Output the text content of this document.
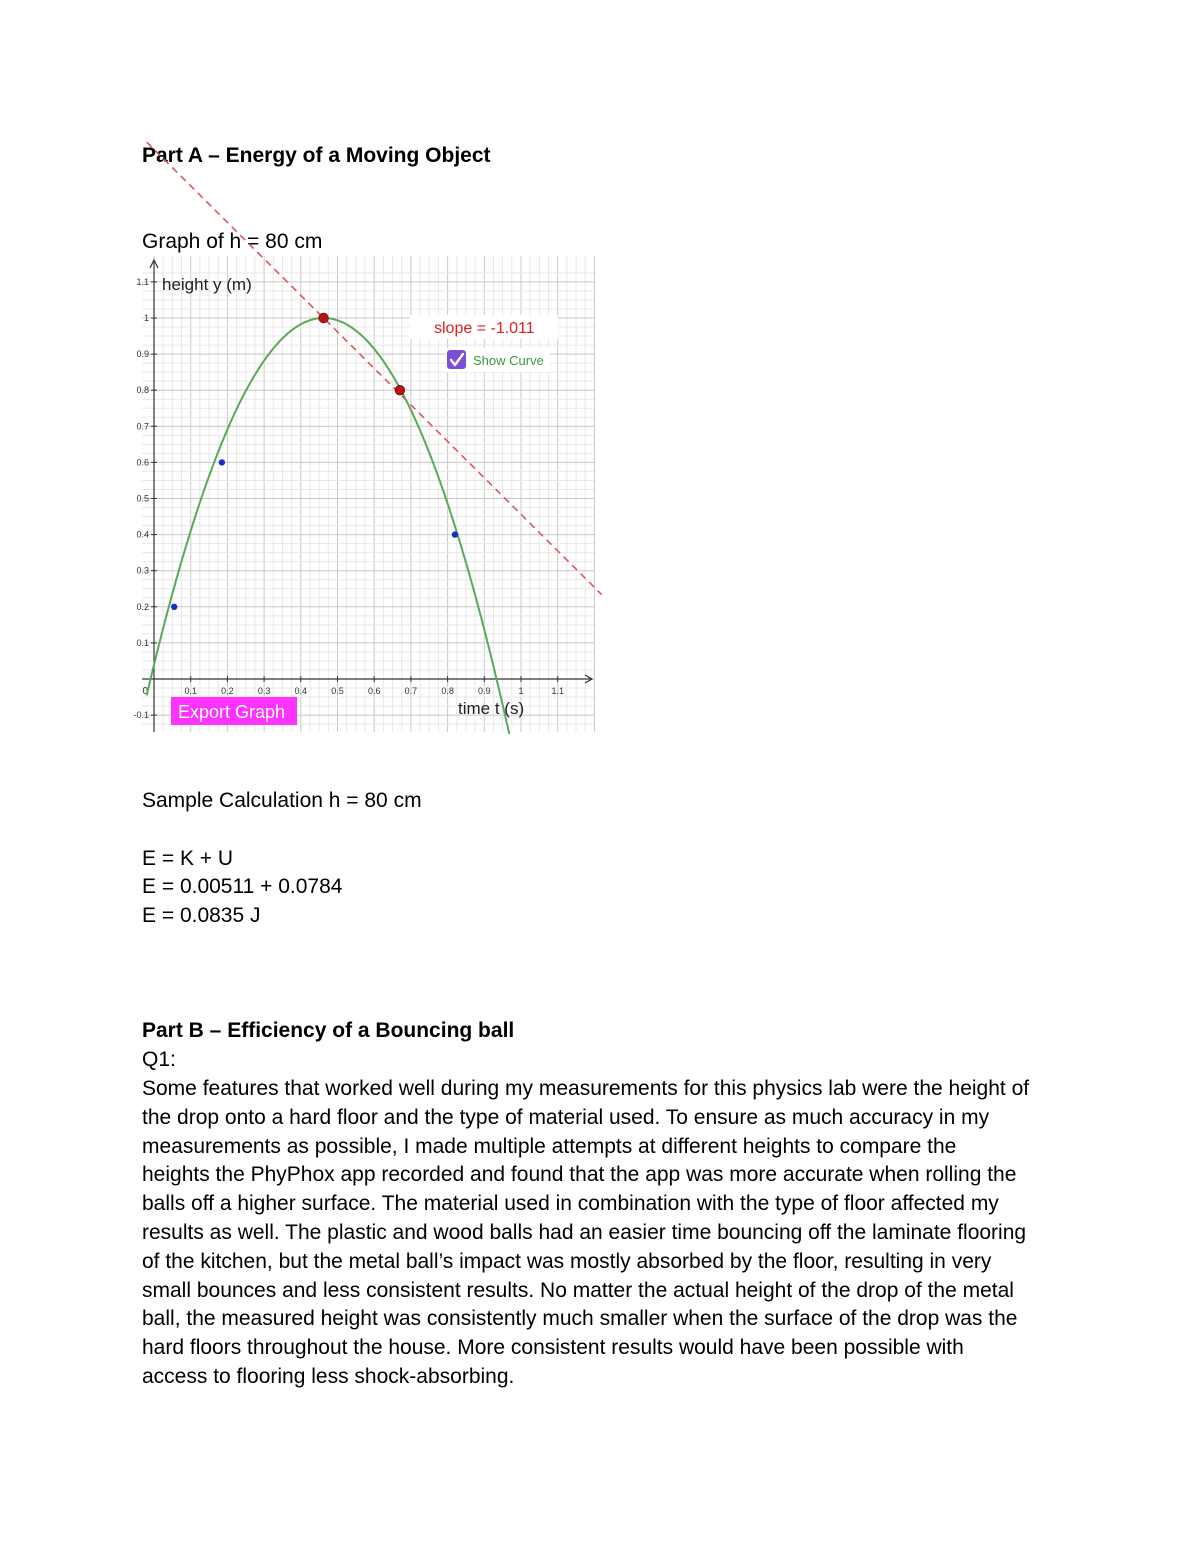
Part A – Energy of a Moving Object
Graph of h = 80 cm
0.1	0.2	0.3	0.4	0.5	0.6	0.7	0.8	0.9	1	1.1
-0.1
0.1
0.2
0.3
0.4
0.5
0.6
0.7
0.8
0.9
1
1.1
0
height y (m)
time t (s)
slope = -1.011
Show Curve
Export Graph
Sample Calculation h = 80 cm
E = K + U
E = 0.00511 + 0.0784
E = 0.0835 J
Part B – Efficiency of a Bouncing ball
Q1:
Some features that worked well during my measurements for this physics lab were the height of
the drop onto a hard floor and the type of material used. To ensure as much accuracy in my
measurements as possible, I made multiple attempts at different heights to compare the
heights the PhyPhox app recorded and found that the app was more accurate when rolling the
balls off a higher surface. The material used in combination with the type of floor affected my
results as well. The plastic and wood balls had an easier time bouncing off the laminate flooring
of the kitchen, but the metal ball’s impact was mostly absorbed by the floor, resulting in very
small bounces and less consistent results. No matter the actual height of the drop of the metal
ball, the measured height was consistently much smaller when the surface of the drop was the
hard floors throughout the house. More consistent results would have been possible with
access to flooring less shock-absorbing.
